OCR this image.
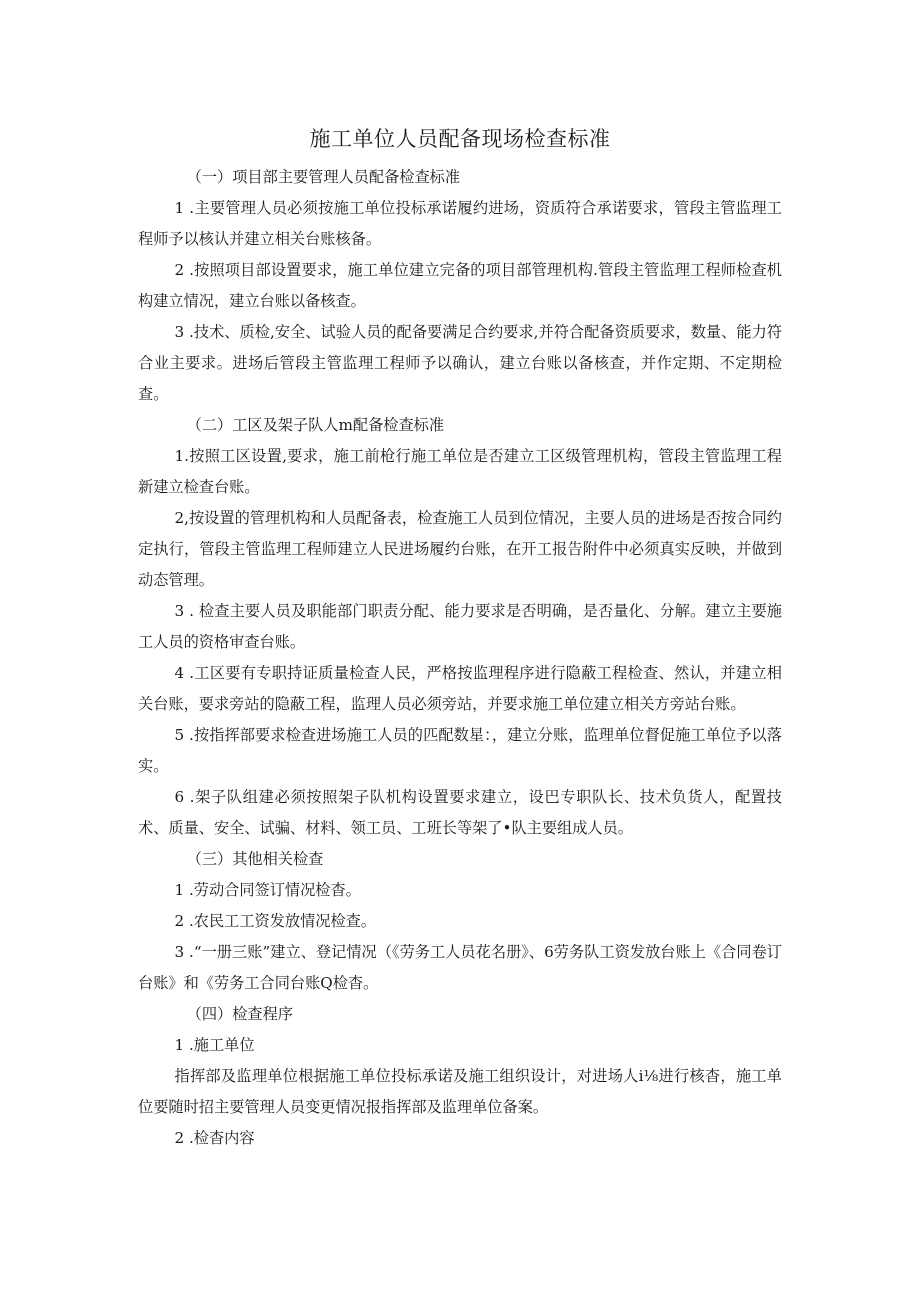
施工单位人员配备现场检查标准

（一）项目部主要管理人员配备检查标准

1 .主要管理人员必须按施工单位投标承诺履约进场，资质符合承诺要求，管段主管监理工程师予以核认并建立相关台账核备。

2 .按照项目部设置要求，施工单位建立完备的项目部管理机构.管段主管监理工程师检查机构建立情况，建立台账以备核查。

3 .技术、质检,安全、试验人员的配备要满足合约要求,并符合配备资质要求，数量、能力符合业主要求。进场后管段主管监理工程师予以确认，建立台账以备核查，并作定期、不定期检查。

（二）工区及架子队人m配备检查标准

1.按照工区设置,要求，施工前枪行施工单位是否建立工区级管理机构，管段主管监理工程新建立检查台账。

2,按设置的管理机构和人员配备表，检查施工人员到位情况，主要人员的进场是否按合同约定执行，管段主管监理工程师建立人民进场履约台账，在开工报告附件中必须真实反映，并做到动态管理。

3 . 检查主要人员及职能部门职责分配、能力要求是否明确，是否量化、分解。建立主要施工人员的资格审查台账。

4 .工区要有专职持证质量检查人民，严格按监理程序进行隐蔽工程检查、然认，并建立相关台账，要求旁站的隐蔽工程，监理人员必须旁站，并要求施工单位建立相关方旁站台账。

5 .按指挥部要求检查进场施工人员的匹配数星：，建立分账，监理单位督促施工单位予以落实。

6 .架子队组建必须按照架子队机构设置要求建立，设巴专职队长、技术负货人，配置技术、质量、安全、试骗、材料、领工员、工班长等架了•队主要组成人员。

（三）其他相关检查

1 .劳动合同签订情况检杳。

2 .农民工工资发放情况检查。

3 .“一册三账”建立、登记情况（《劳务工人员花名册》、6劳务队工资发放台账上《合同卷订台账》和《劳务工合同台账Q检杳。

（四）检查程序

1 .施工单位

指挥部及监理单位根据施工单位投标承诺及施工组织设计，对进场人i⅛进行核杳，施工单位要随时招主要管理人员变更情况报指挥部及监理单位备案。

2 .检杳内容
